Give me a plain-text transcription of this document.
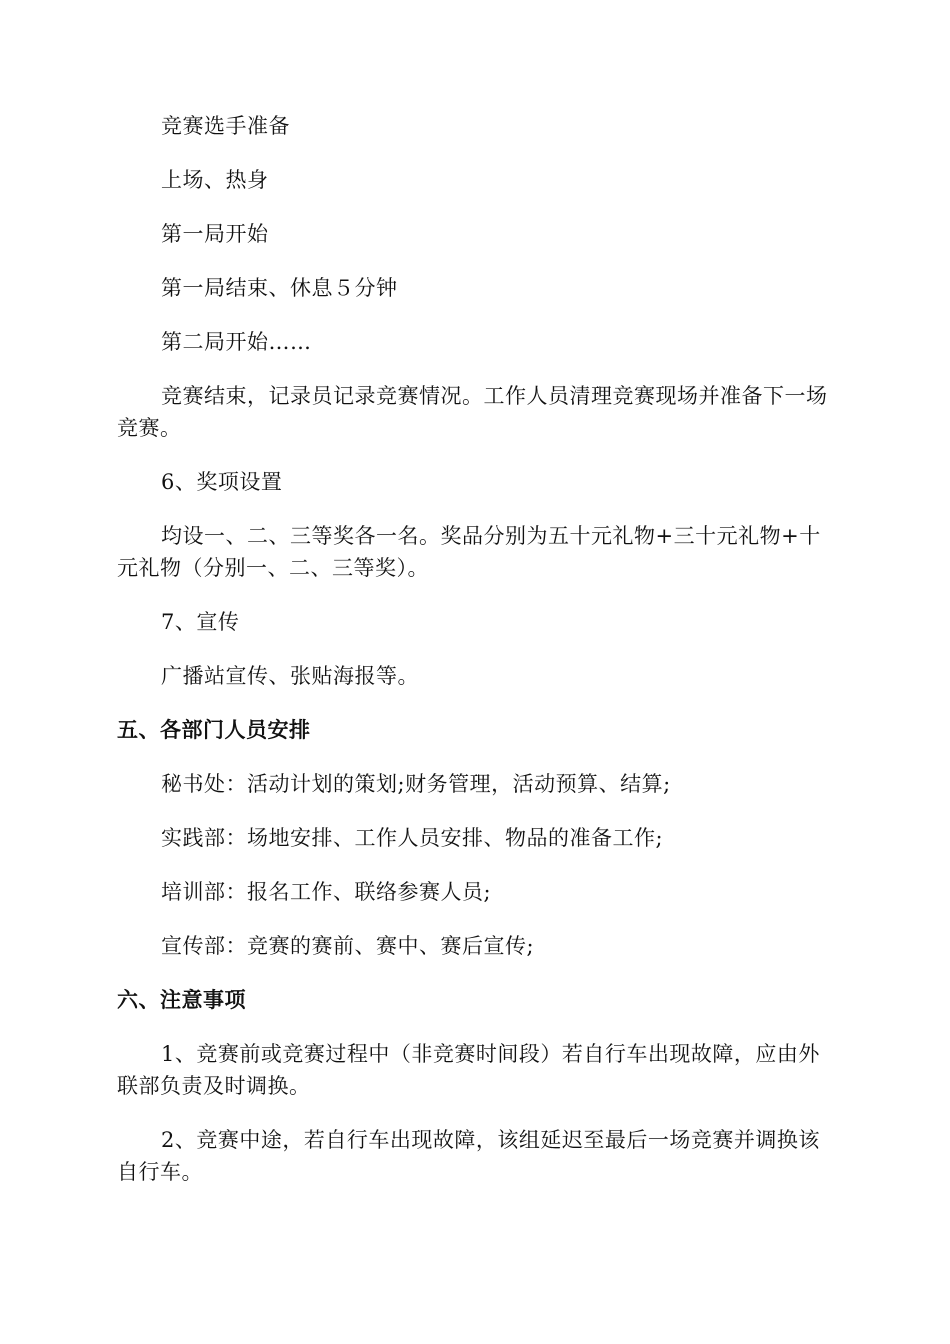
竞赛选手准备

上场、热身

第一局开始

第一局结束、休息５分钟

第二局开始……

竞赛结束，记录员记录竞赛情况。工作人员清理竞赛现场并准备下一场竞赛。

6、奖项设置

均设一、二、三等奖各一名。奖品分别为五十元礼物+三十元礼物+十元礼物（分别一、二、三等奖）。

7、宣传

广播站宣传、张贴海报等。

五、各部门人员安排

秘书处：活动计划的策划;财务管理，活动预算、结算;

实践部：场地安排、工作人员安排、物品的准备工作;

培训部：报名工作、联络参赛人员;

宣传部：竞赛的赛前、赛中、赛后宣传;

六、注意事项

1、竞赛前或竞赛过程中（非竞赛时间段）若自行车出现故障，应由外联部负责及时调换。

2、竞赛中途，若自行车出现故障，该组延迟至最后一场竞赛并调换该自行车。
